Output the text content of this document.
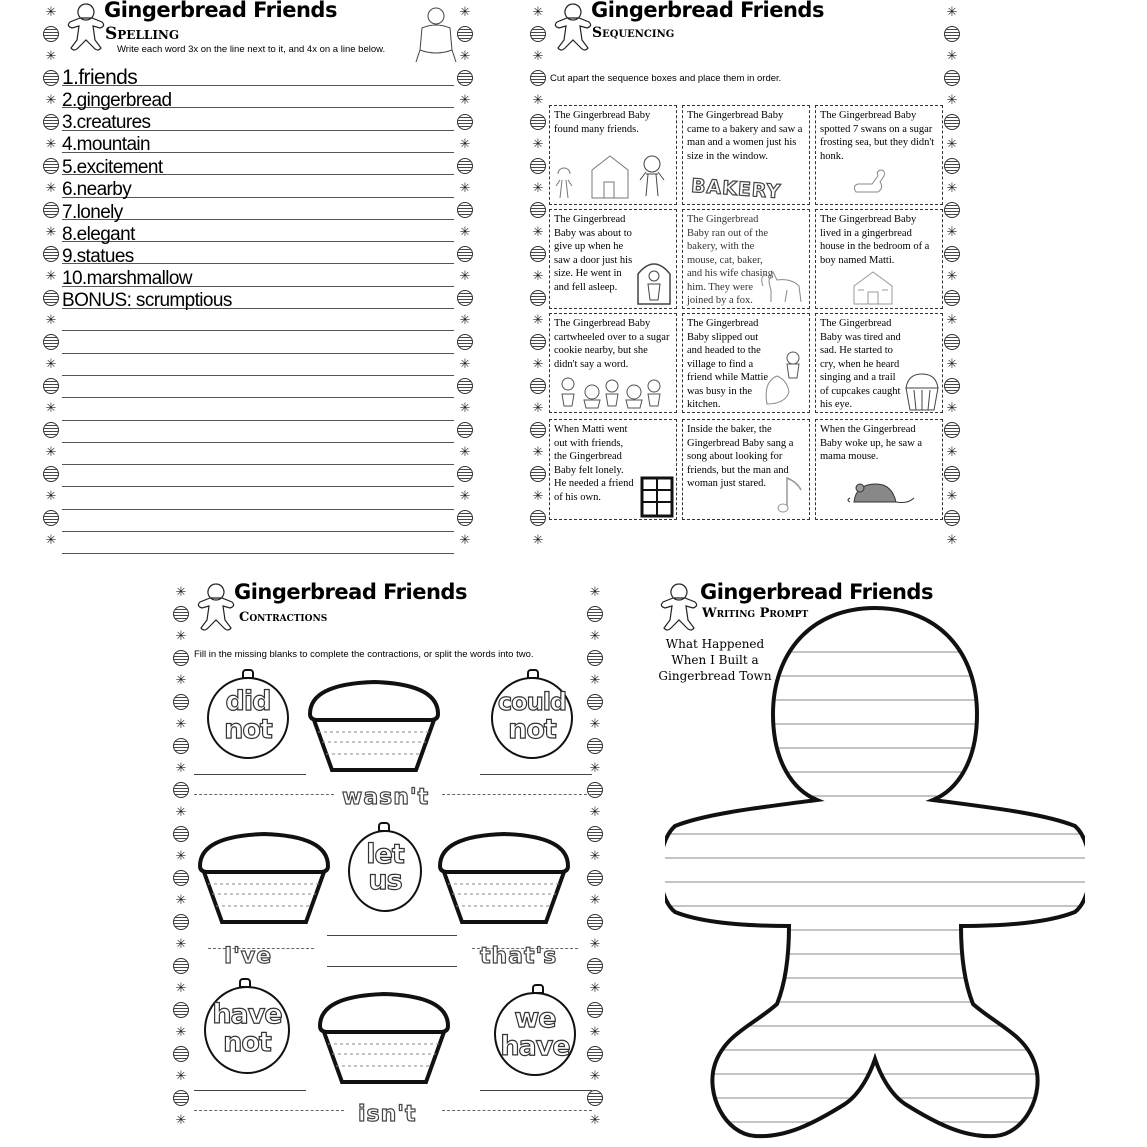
✳
✳
✳
✳
✳
✳
✳
✳
✳
✳
✳
✳
✳
✳
✳
✳
✳
✳
✳
✳
✳
✳
✳
✳
✳
✳
Gingerbread Friends
Spelling
Write each word 3x on the line next to it, and 4x on a line below.
1.friends
2.gingerbread
3.creatures
4.mountain
5.excitement
6.nearby
7.lonely
8.elegant
9.statues
10.marshmallow
BONUS: scrumptious
✳
✳
✳
✳
✳
✳
✳
✳
✳
✳
✳
✳
✳
✳
✳
✳
✳
✳
✳
✳
✳
✳
✳
✳
✳
✳
Gingerbread Friends
Sequencing
Cut apart the sequence boxes and place them in order.
The Gingerbread Baby found many friends.
The Gingerbread Baby came to a bakery and saw a man and a women just his size in the window.
BAKERY
The Gingerbread Baby spotted 7 swans on a sugar frosting sea, but they didn't honk.
The Gingerbread Baby was about to give up when he saw a door just his size. He went in and fell asleep.
The Gingerbread Baby ran out of the bakery, with the mouse, cat, baker, and his wife chasing him. They were joined by a fox.
The Gingerbread Baby lived in a gingerbread house in the bedroom of a boy named Matti.
The Gingerbread Baby cartwheeled over to a sugar cookie nearby, but she didn't say a word.
The Gingerbread Baby slipped out and headed to the village to find a friend while Mattie was busy in the kitchen.
The Gingerbread Baby was tired and sad. He started to cry, when he heard singing and a trail of cupcakes caught his eye.
When Matti went out with friends, the Gingerbread Baby felt lonely. He needed a friend of his own.
Inside the baker, the Gingerbread Baby sang a song about looking for friends, but the man and woman just stared.
When the Gingerbread Baby woke up, he saw a mama mouse.
✳
✳
✳
✳
✳
✳
✳
✳
✳
✳
✳
✳
✳
✳
✳
✳
✳
✳
✳
✳
✳
✳
✳
✳
✳
✳
Gingerbread Friends
Contractions
Fill in the missing blanks to complete the contractions, or split the words into two.
did
not
could
not
wasn't
let
us
I've	that's
have
not
we
have
isn't
Gingerbread Friends
Writing Prompt
What Happened
When I Built a
Gingerbread Town
